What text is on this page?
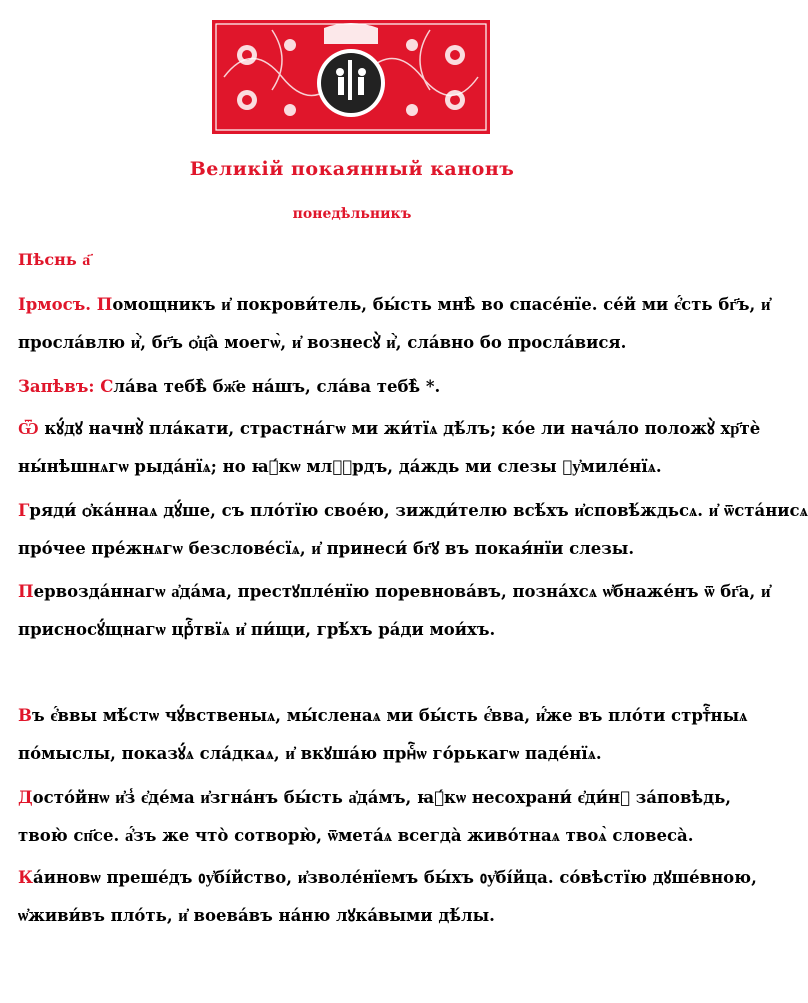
Великiй покаянный канонъ
понедѣльникъ
Пѣснь а҃
Ірмосъ. Помощникъ и҆ покрови́тель, бы́сть мнѣ̀ во спасе́нїе. се́й ми є҆́сть бг҃ъ, и҆
просла́влю и҆̀, бг҃ъ ѻ҆ц҃а̀ моегѡ̀, и҆ вознесꙋ̀ и҆̀, сла́вно бо просла́вися.
Запѣвъ: Сла́ва тебѣ̀ бж҃е на́шъ, сла́ва тебѣ̀ *.
Ѿ кꙋ́дꙋ начнꙋ̀ пла́кати, страстна́гѡ ми жи́тїѧ дѣ́лъ; ко́е ли нача́ло положꙋ̀ хр҃тѐ
ны́нѣшнѧгѡ рыда́нїѧ; но ꙗ҆́кѡ млⷭ҇рдъ, да́ждь ми слезы ᲂу҆миле́нїѧ.
Гряди́ ѻ҆ка́ннаѧ дꙋ́ше, съ пло́тїю свое́ю, зижди́телю всѣ́хъ и҆сповѣ́ждьсѧ. и҆ ѿста́нисѧ
про́чее пре́жнѧгѡ безслове́сїѧ, и҆ принеси́ бг҃ꙋ въ покая́нїи слезы.
Первозда́ннагѡ а҆да́ма, престꙋпле́нїю поревнова́въ, позна́хсѧ ѡ҆бнаже́нъ ѿ бг҃а, и҆
присносꙋ́щнагѡ црⷭ҇твїѧ и҆ пи́щи, грѣ́хъ ра́ди мои́хъ.
Въ є҆́ввы мѣ́стѡ чꙋ́вственыѧ, мы́сленаѧ ми бы́сть є҆́вва, и҆́же въ пло́ти стртⷭ҇ныѧ
по́мыслы, показꙋ́ѧ сла́дкаѧ, и҆ вкꙋша́ю прнⷭ҇ѡ го́рькагѡ паде́нїѧ.
Досто́йнѡ и҆з̾ є҆де́ма и҆згна́нъ бы́сть а҆да́мъ, ꙗ҆́кѡ несохрани́ є҆ди́нꙋ за́повѣдь,
твою̀ сп҃се. а҆́зъ же что̀ сотворю̀, ѿмета́ѧ всегда̀ живо́тнаѧ твоѧ̀ словеса̀.
Ка́иновѡ преше́дъ ᲂу҆бі́йство, и҆зволе́нїемъ бы́хъ ᲂу҆бі́йца. со́вѣстїю дꙋше́вною,
ѡ҆живи́въ пло́ть, и҆ воева́въ на́ню лꙋка́выми дѣ́лы.
